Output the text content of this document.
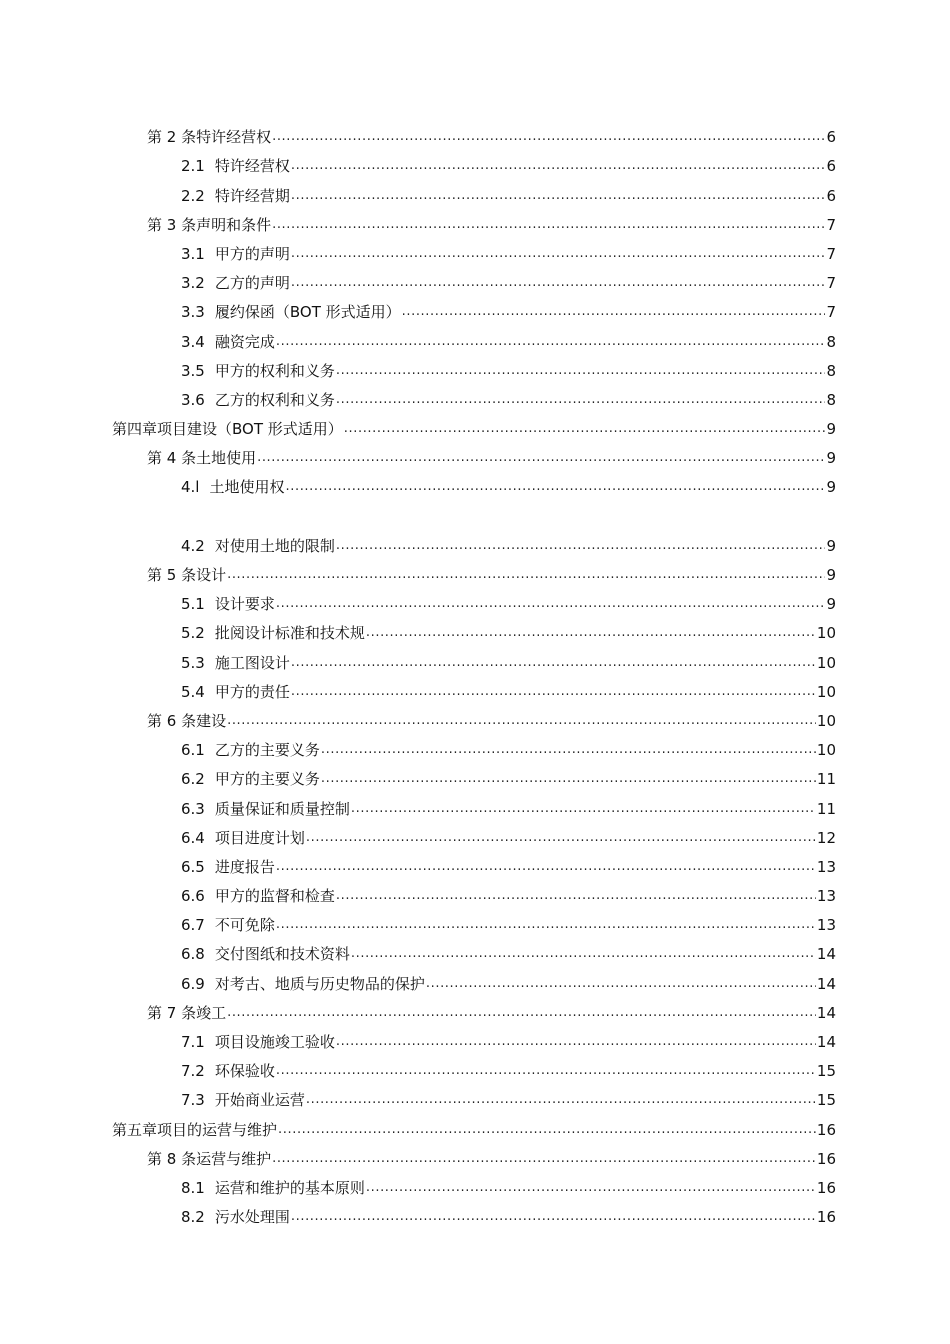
第 2 条特许经营权 .....	6
2.1 特许经营权 .....	6
2.2 特许经营期 .....	6
第 3 条声明和条件 .....	7
3.1 甲方的声明 .....	7
3.2 乙方的声明 .....	7
3.3 履约保函（BOT 形式适用） .....	7
3.4 融资完成 .....	8
3.5 甲方的权利和义务 .....	8
3.6 乙方的权利和义务 .....	8
第四章项目建设（BOT 形式适用） .....	9
第 4 条土地使用 .....	9
4.l 土地使用权 .....	9
4.2 对使用土地的限制 .....	9
第 5 条设计 .....	9
5.1 设计要求 .....	9
5.2 批阅设计标准和技术规 .....	10
5.3 施工图设计 .....	10
5.4 甲方的责任 .....	10
第 6 条建设 .....	10
6.1 乙方的主要义务 .....	10
6.2 甲方的主要义务 .....	11
6.3 质量保证和质量控制 .....	11
6.4 项目进度计划 .....	12
6.5 进度报告 .....	13
6.6 甲方的监督和检查 .....	13
6.7 不可免除 .....	13
6.8 交付图纸和技术资料 .....	14
6.9 对考古、地质与历史物品的保护 .....	14
第 7 条竣工 .....	14
7.1 项目设施竣工验收 .....	14
7.2 环保验收 .....	15
7.3 开始商业运营 .....	15
第五章项目的运营与维护 .....	16
第 8 条运营与维护 .....	16
8.1 运营和维护的基本原则 .....	16
8.2 污水处理围 .....	16
